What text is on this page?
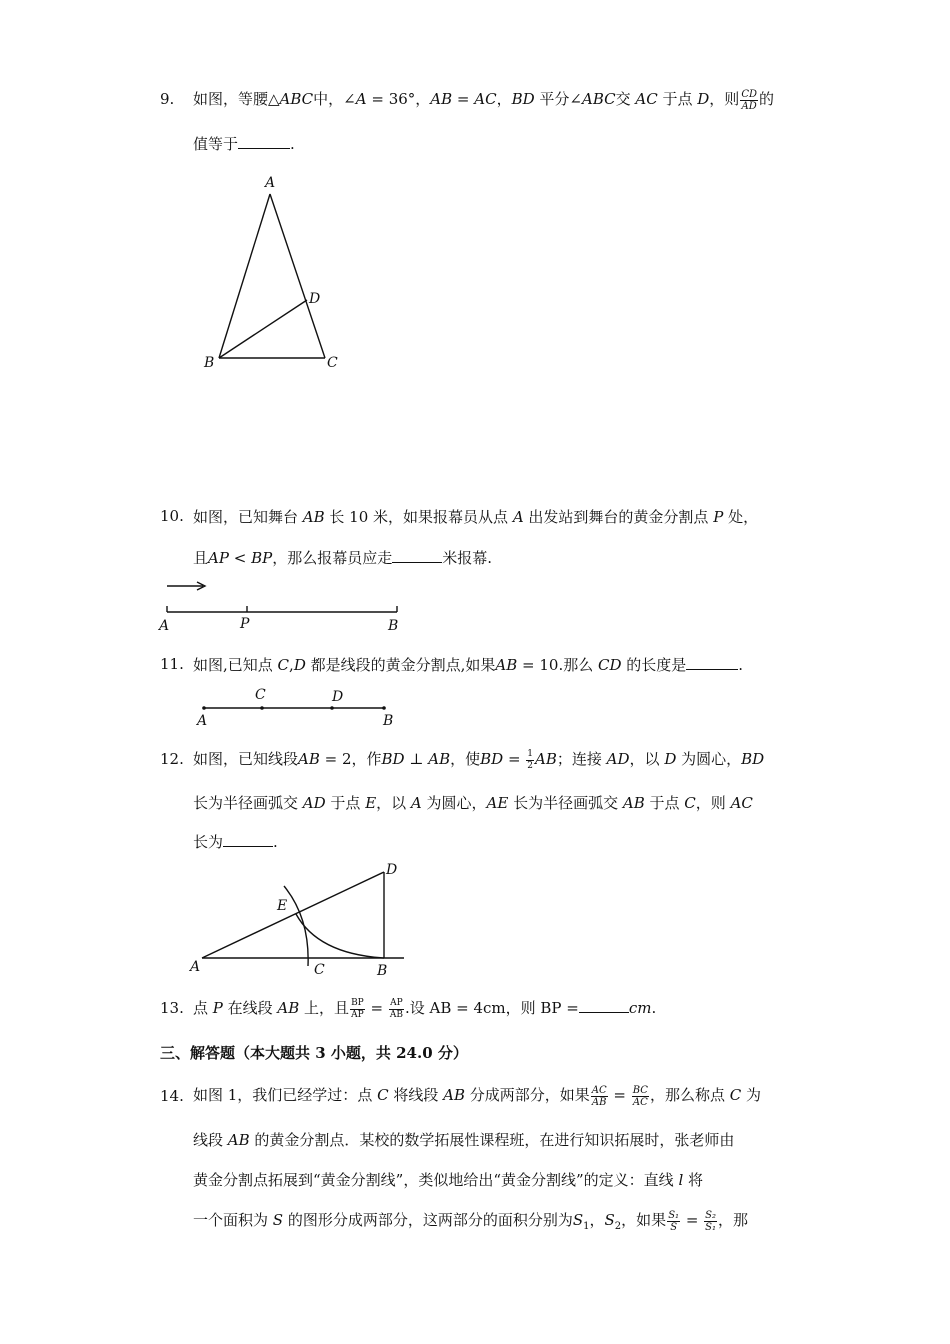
9. 如图，等腰△ABC中，∠A = 36°，AB = AC，BD 平分∠ABC交 AC 于点 D，则 $\frac{CD}{AD}$ 的
值等于	.
A
B	C
D
10. 如图，已知舞台 AB 长 10 米，如果报幕员从点 A 出发站到舞台的黄金分割点 P 处，
且AP < BP，那么报幕员应走	米报幕.
A	P	B
11. 如图,已知点 C,D 都是线段的黄金分割点,如果AB = 10.那么 CD 的长度是	.
A
C	D
B
12. 如图，已知线段AB = 2，作BD ⊥ AB，使BD = $\frac{1}{2}$ AB；连接 AD，以 D 为圆心，BD
长为半径画弧交 AD 于点 E，以 A 为圆心，AE 长为半径画弧交 AB 于点 C，则 AC
长为	.
A	C	B
D
E
13. 点 P 在线段 AB 上，且 $\frac{BP}{AP} = \frac{AP}{AB}$ .设 AB = 4cm，则 BP =	cm.
三、解答题（本大题共 3 小题，共 24.0 分）
14. 如图 1，我们已经学过：点 C 将线段 AB 分成两部分，如果 $\frac{AC}{AB} = \frac{BC}{AC}$ ，那么称点 C 为
线段 AB 的黄金分割点．某校的数学拓展性课程班，在进行知识拓展时，张老师由
黄金分割点拓展到“黄金分割线”，类似地给出“黄金分割线”的定义：直线 l 将
一个面积为 S 的图形分成两部分，这两部分的面积分别为$S_1$，$S_2$，如果 $\frac{\text{S₁}}{S} = \frac{\text{S₂}}{\text{S₁}}$ ，那
